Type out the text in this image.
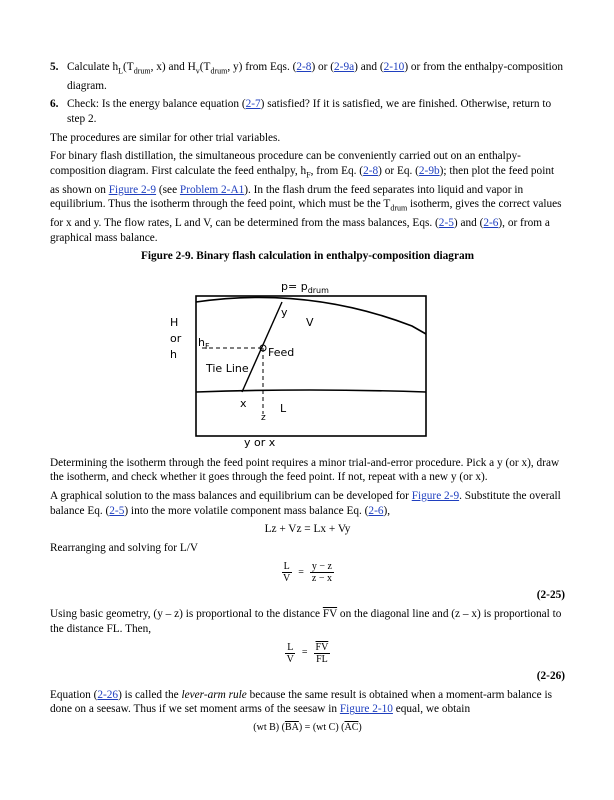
5. Calculate $h_L(T_{drum}$, x) and $H_v(T_{drum}$, y) from Eqs. (2-8) or (2-9a) and (2-10) or from the enthalpy-composition diagram.
6. Check: Is the energy balance equation (2-7) satisfied? If it is satisfied, we are finished. Otherwise, return to step 2.

The procedures are similar for other trial variables.

For binary flash distillation, the simultaneous procedure can be conveniently carried out on an enthalpy-composition diagram. First calculate the feed enthalpy, $h_F$, from Eq. (2-8) or Eq. (2-9b); then plot the feed point as shown on Figure 2-9 (see Problem 2-A1). In the flash drum the feed separates into liquid and vapor in equilibrium. Thus the isotherm through the feed point, which must be the $T_{drum}$ isotherm, gives the correct values for x and y. The flow rates, L and V, can be determined from the mass balances, Eqs. (2-5) and (2-6), or from a graphical mass balance.

Figure 2-9. Binary flash calculation in enthalpy-composition diagram
$p= p_{drum}$
H
or
h
$h_F$	Feed
Tie Line
x
y
z
V
L
y or x

Determining the isotherm through the feed point requires a minor trial-and-error procedure. Pick a y (or x), draw the isotherm, and check whether it goes through the feed point. If not, repeat with a new y (or x).

A graphical solution to the mass balances and equilibrium can be developed for Figure 2-9. Substitute the overall balance Eq. (2-5) into the more volatile component mass balance Eq. (2-6),

Lz + Vz = Lx + Vy

Rearranging and solving for L/V

$\frac{L}{V} = \frac{y - z}{z - x}$
(2-25)

Using basic geometry, (y – z) is proportional to the distance $\overline{FV}$ on the diagonal line and (z – x) is proportional to the distance FL. Then,

$\frac{L}{V} = \frac{\overline{FV}}{FL}$
(2-26)

Equation (2-26) is called the lever-arm rule because the same result is obtained when a moment-arm balance is done on a seesaw. Thus if we set moment arms of the seesaw in Figure 2-10 equal, we obtain

(wt B) $(\overline{BA}) = (wt$ C) $(\overline{AC})$
